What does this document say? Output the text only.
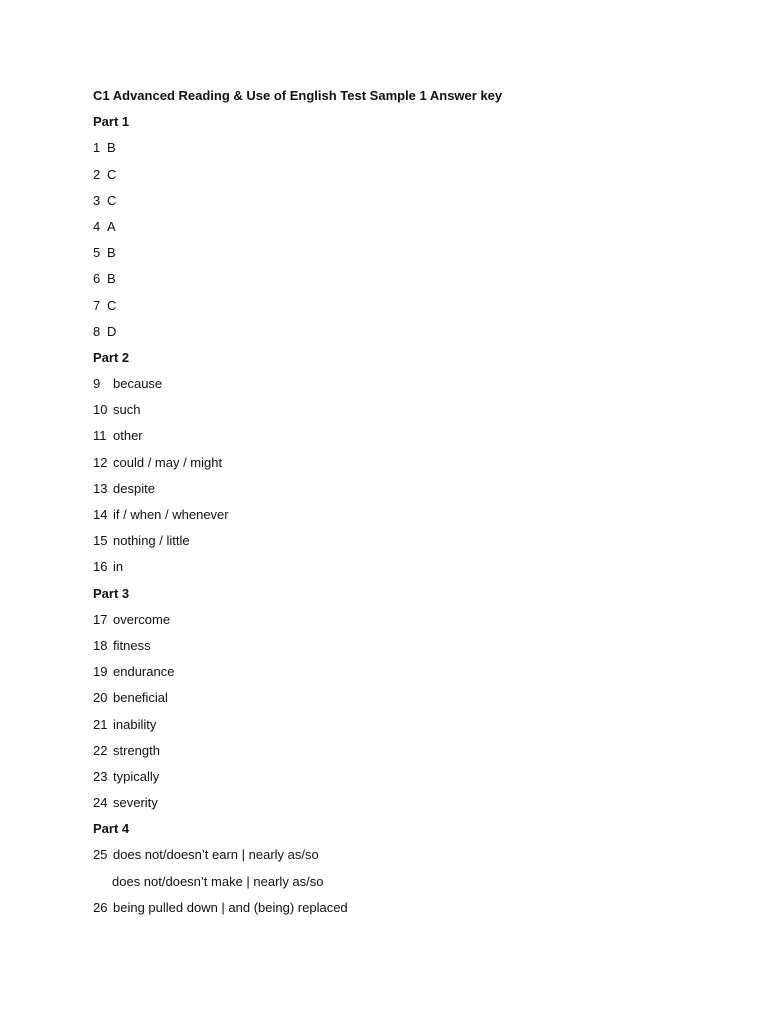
C1 Advanced Reading & Use of English Test Sample 1 Answer key
Part 1
1 B
2 C
3 C
4 A
5 B
6 B
7 C
8 D
Part 2
9 because
10 such
11 other
12 could / may / might
13 despite
14 if / when / whenever
15 nothing / little
16 in
Part 3
17 overcome
18 fitness
19 endurance
20 beneficial
21 inability
22 strength
23 typically
24 severity
Part 4
25 does not/doesn’t earn | nearly as/so
does not/doesn’t make | nearly as/so
26 being pulled down | and (being) replaced
